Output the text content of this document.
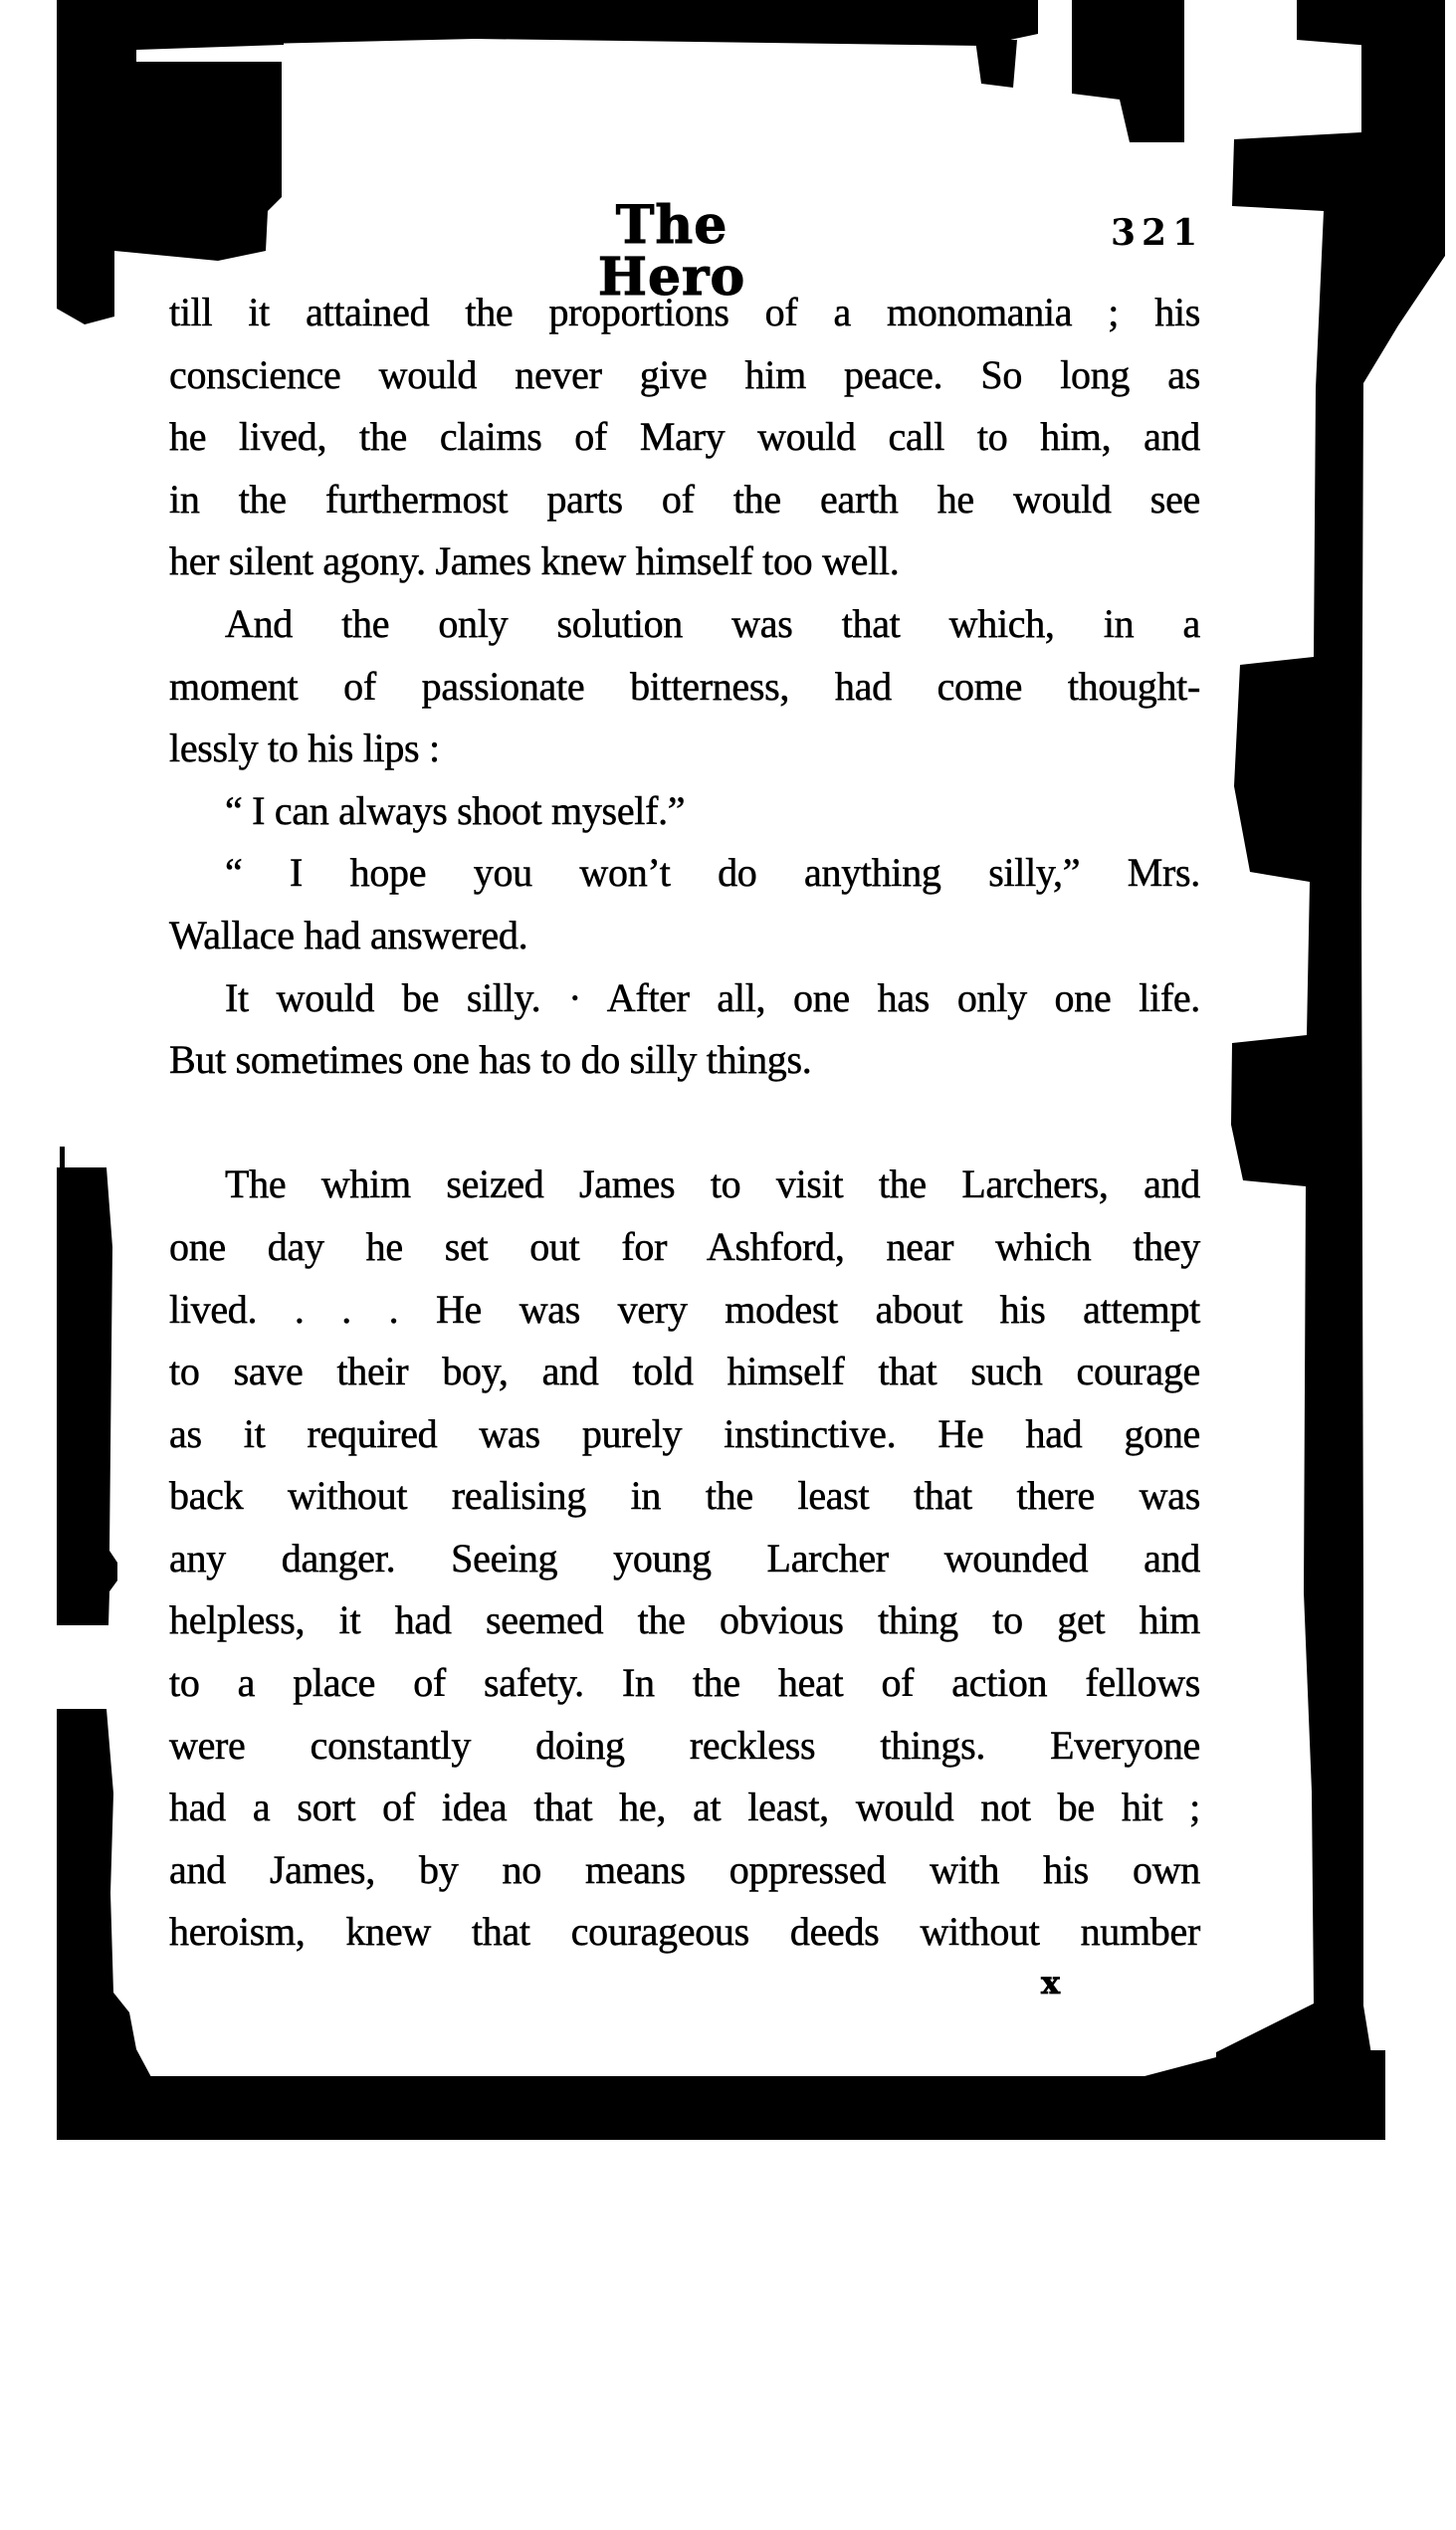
The Hero
321
till it attained the proportions of a monomania ; his
conscience would never give him peace. So long as
he lived, the claims of Mary would call to him, and
in the furthermost parts of the earth he would see
her silent agony. James knew himself too well.
And the only solution was that which, in a
moment of passionate bitterness, had come thought-
lessly to his lips :
“ I can always shoot myself.”
“ I hope you won’t do anything silly,” Mrs.
Wallace had answered.
It would be silly. · After all, one has only one life.
But sometimes one has to do silly things.
The whim seized James to visit the Larchers, and
one day he set out for Ashford, near which they
lived. . . . He was very modest about his attempt
to save their boy, and told himself that such courage
as it required was purely instinctive. He had gone
back without realising in the least that there was
any danger. Seeing young Larcher wounded and
helpless, it had seemed the obvious thing to get him
to a place of safety. In the heat of action fellows
were constantly doing reckless things. Everyone
had a sort of idea that he, at least, would not be hit ;
and James, by no means oppressed with his own
heroism, knew that courageous deeds without number
x
